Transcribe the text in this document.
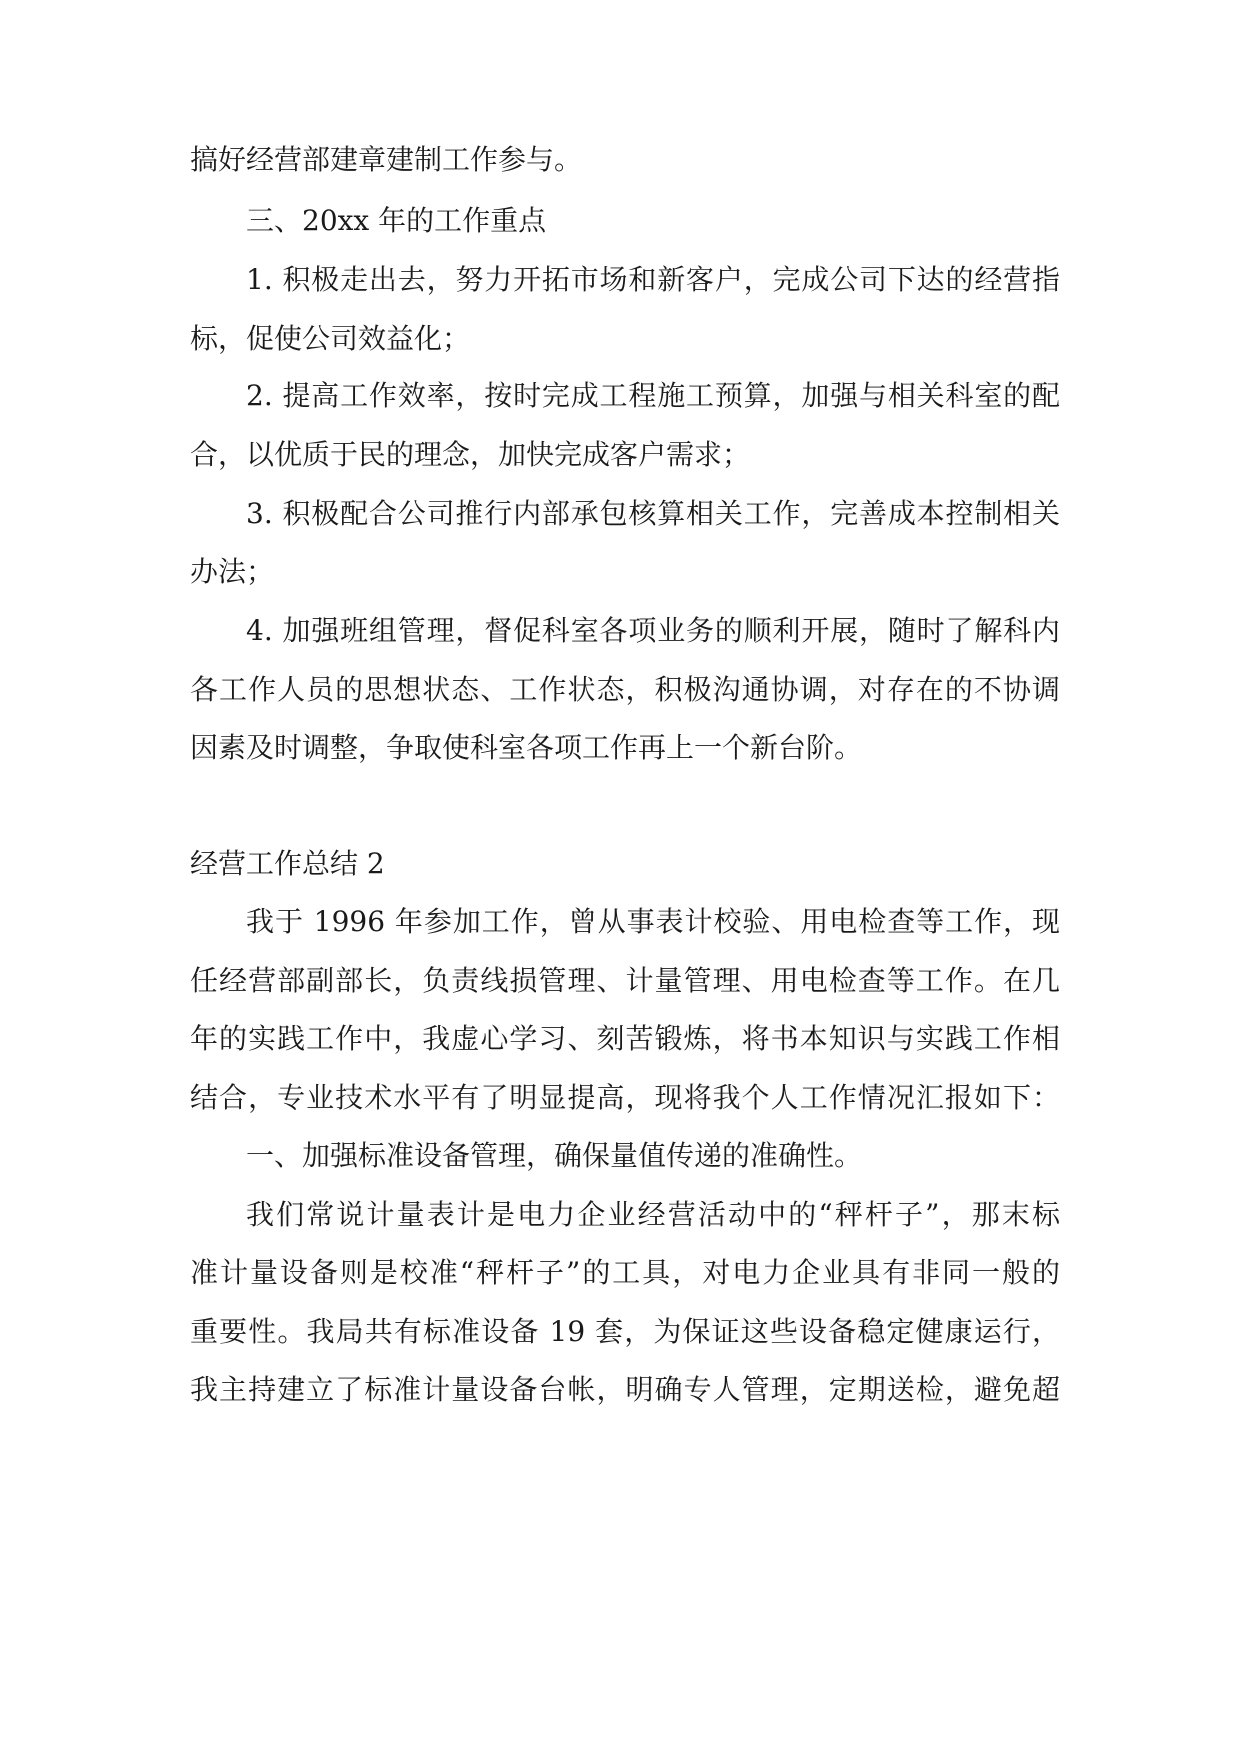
搞好经营部建章建制工作参与。
三、20xx 年的工作重点
1. 积极走出去，努力开拓市场和新客户，完成公司下达的经营指
标，促使公司效益化；
2. 提高工作效率，按时完成工程施工预算，加强与相关科室的配
合，以优质于民的理念，加快完成客户需求；
3. 积极配合公司推行内部承包核算相关工作，完善成本控制相关
办法；
4. 加强班组管理，督促科室各项业务的顺利开展，随时了解科内
各工作人员的思想状态、工作状态，积极沟通协调，对存在的不协调
因素及时调整，争取使科室各项工作再上一个新台阶。
经营工作总结 2
我于 1996 年参加工作，曾从事表计校验、用电检查等工作，现
任经营部副部长，负责线损管理、计量管理、用电检查等工作。在几
年的实践工作中，我虚心学习、刻苦锻炼，将书本知识与实践工作相
结合，专业技术水平有了明显提高，现将我个人工作情况汇报如下：
一、加强标准设备管理，确保量值传递的准确性。
我们常说计量表计是电力企业经营活动中的“秤杆子”，那末标
准计量设备则是校准“秤杆子”的工具，对电力企业具有非同一般的
重要性。我局共有标准设备 19 套，为保证这些设备稳定健康运行，
我主持建立了标准计量设备台帐，明确专人管理，定期送检，避免超
